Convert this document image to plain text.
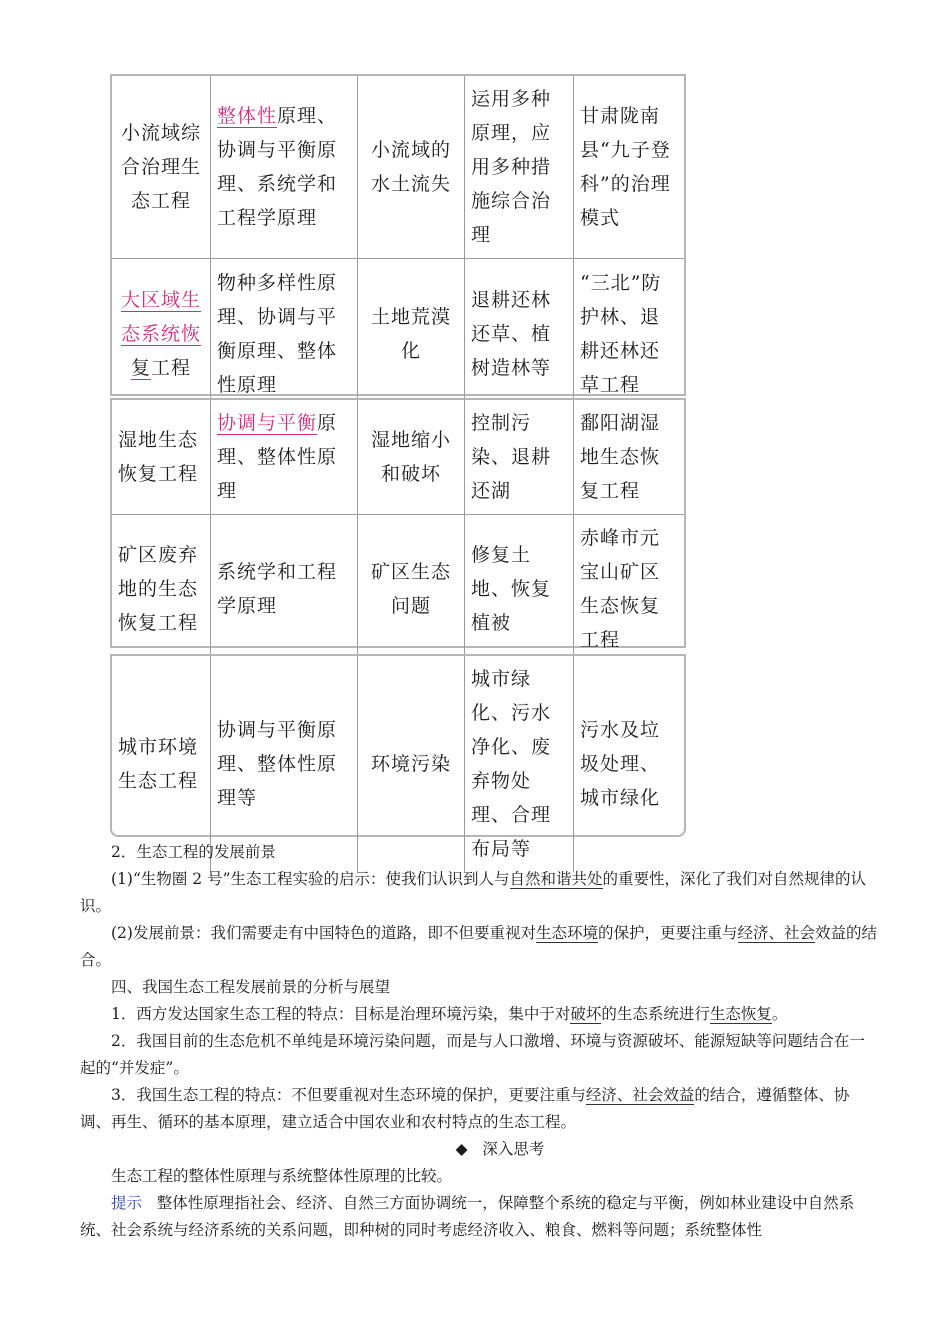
小流域综合治理生态工程	整体性原理、协调与平衡原理、系统学和工程学原理	小流域的水土流失	运用多种原理，应用多种措施综合治理	甘肃陇南县“九子登科”的治理模式
大区域生态系统恢复工程	物种多样性原理、协调与平衡原理、整体性原理	土地荒漠化	退耕还林还草、植树造林等	“三北”防护林、退耕还林还草工程
湿地生态恢复工程	协调与平衡原理、整体性原理	湿地缩小和破坏	控制污染、退耕还湖	鄱阳湖湿地生态恢复工程
矿区废弃地的生态恢复工程	系统学和工程学原理	矿区生态问题	修复土地、恢复植被	赤峰市元宝山矿区生态恢复工程
城市环境生态工程	协调与平衡原理、整体性原理等	环境污染	城市绿化、污水净化、废弃物处理、合理布局等	污水及垃圾处理、城市绿化

2．生态工程的发展前景

(1)“生物圈 2 号”生态工程实验的启示：使我们认识到人与自然和谐共处的重要性，深化了我们对自然规律的认识。

(2)发展前景：我们需要走有中国特色的道路，即不但要重视对生态环境的保护，更要注重与经济、社会效益的结合。

四、我国生态工程发展前景的分析与展望

1．西方发达国家生态工程的特点：目标是治理环境污染，集中于对破坏的生态系统进行生态恢复。

2．我国目前的生态危机不单纯是环境污染问题，而是与人口激增、环境与资源破坏、能源短缺等问题结合在一起的“并发症”。

3．我国生态工程的特点：不但要重视对生态环境的保护，更要注重与经济、社会效益的结合，遵循整体、协调、再生、循环的基本原理，建立适合中国农业和农村特点的生态工程。

◆ 深入思考

生态工程的整体性原理与系统整体性原理的比较。

提示 整体性原理指社会、经济、自然三方面协调统一，保障整个系统的稳定与平衡，例如林业建设中自然系统、社会系统与经济系统的关系问题，即种树的同时考虑经济收入、粮食、燃料等问题；系统整体性
